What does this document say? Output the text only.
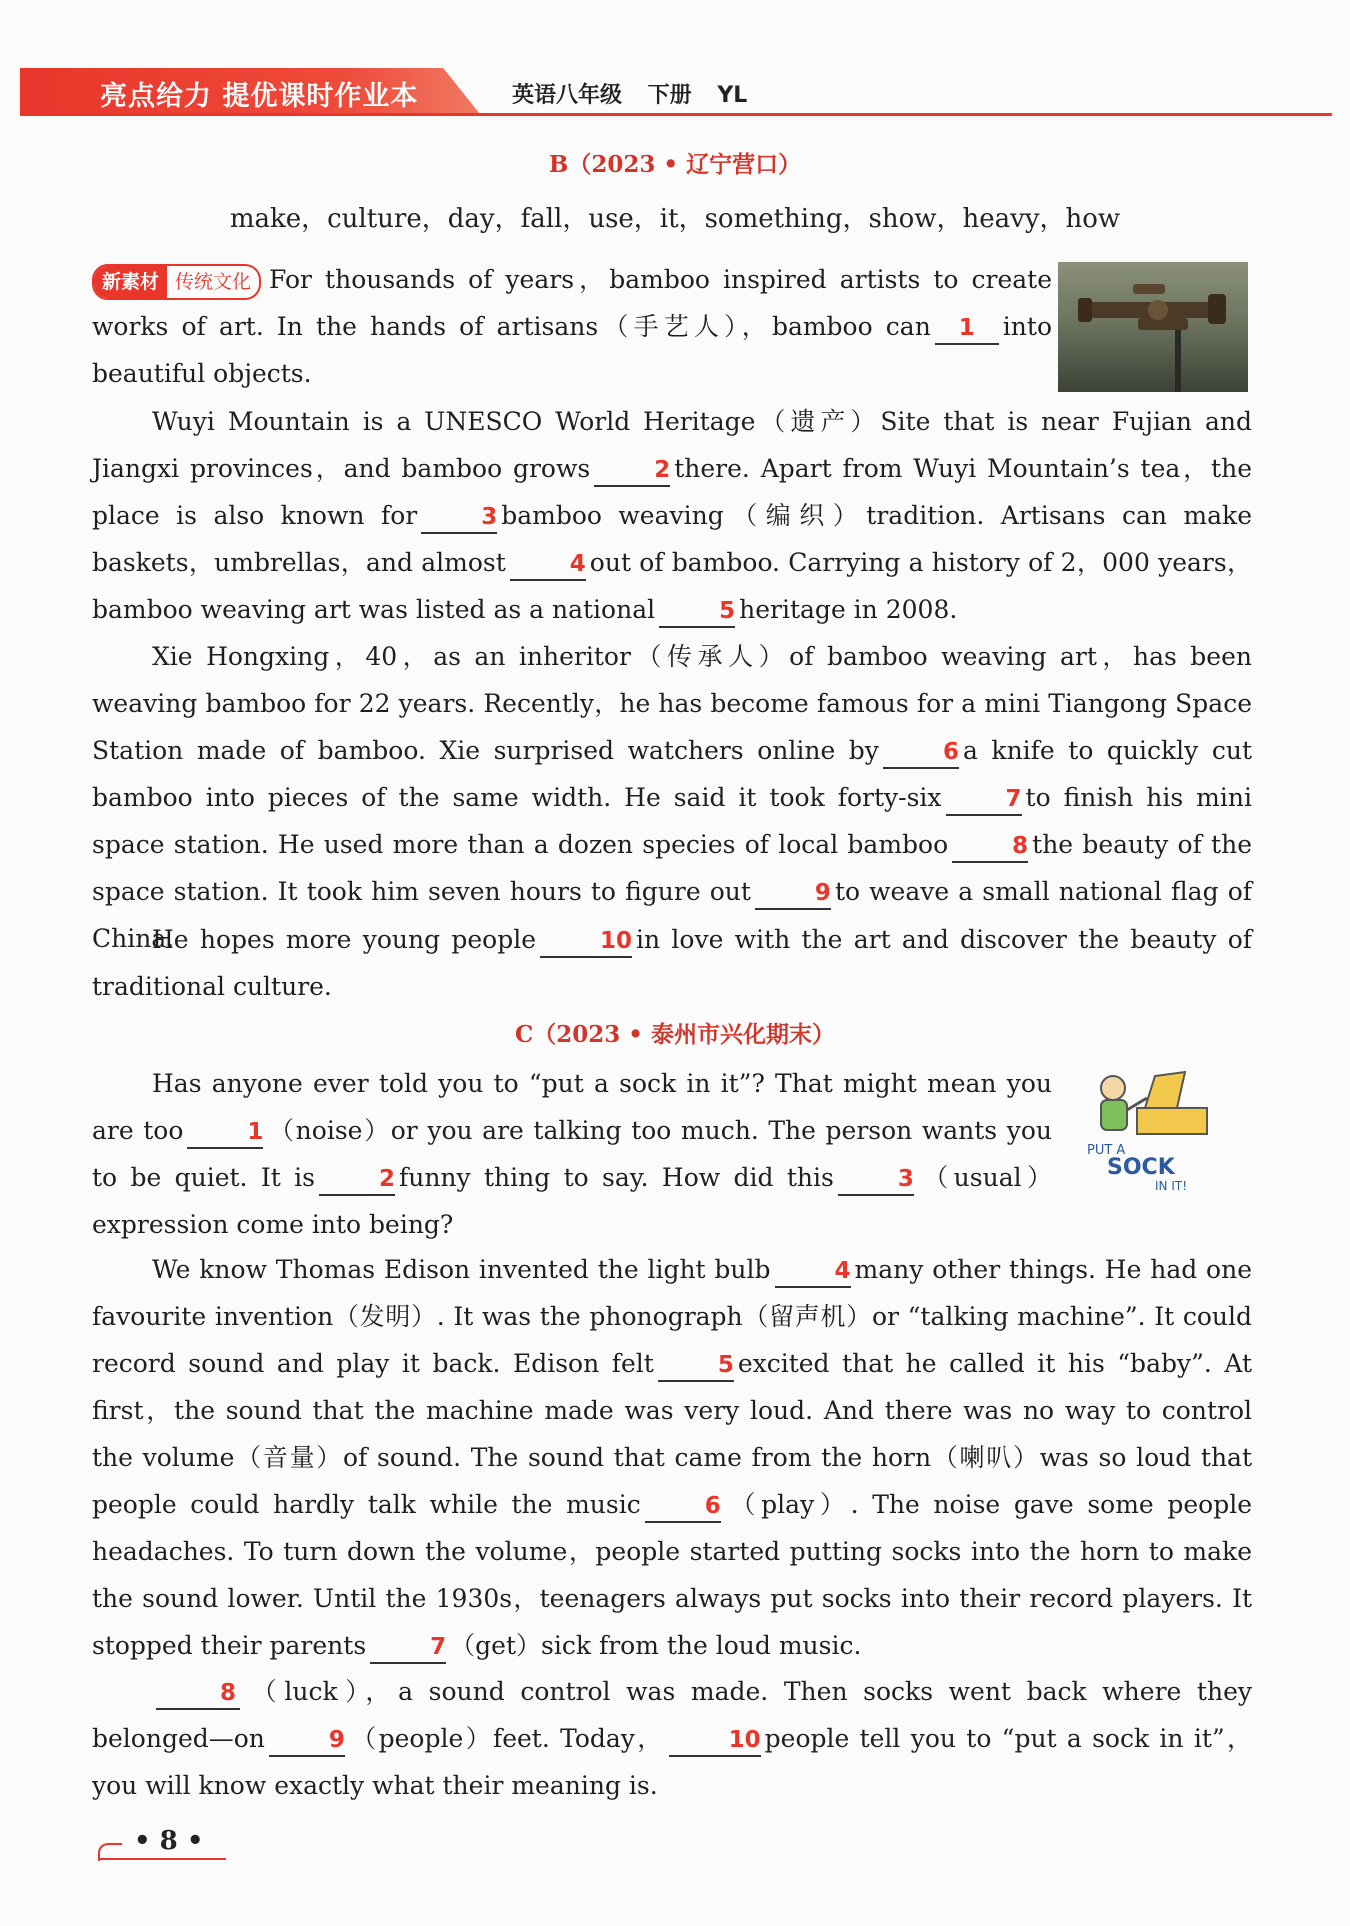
亮点给力 提优课时作业本	英语八年级 下册 YL
B（2023 • 辽宁营口）
make，culture，day，fall，use，it，something，show，heavy，how
新素材 传统文化 For thousands of years，bamboo inspired artists to create works of art. In the hands of artisans（手艺人），bamboo can 1 into beautiful objects.
Wuyi Mountain is a UNESCO World Heritage（遗产）Site that is near Fujian and Jiangxi provinces，and bamboo grows	2 there. Apart from Wuyi Mountain’s tea，the place is also known for	3 bamboo weaving（编织）tradition. Artisans can make baskets，umbrellas，and almost	4 out of bamboo. Carrying a history of 2，000 years，bamboo weaving art was listed as a national	5 heritage in 2008.
Xie Hongxing，40，as an inheritor（传承人）of bamboo weaving art，has been weaving bamboo for 22 years. Recently，he has become famous for a mini Tiangong Space Station made of bamboo. Xie surprised watchers online by	6 a knife to quickly cut bamboo into pieces of the same width. He said it took forty-six	7 to finish his mini space station. He used more than a dozen species of local bamboo	8 the beauty of the space station. It took him seven hours to figure out	9 to weave a small national flag of China.
He hopes more young people	10 in love with the art and discover the beauty of traditional culture.
C（2023 • 泰州市兴化期末）
PUT A
SOCK
IN IT!
Has anyone ever told you to “put a sock in it”? That might mean you are too	1 （noise）or you are talking too much. The person wants you to be quiet. It is	2 funny thing to say. How did this	3 （usual）expression come into being?
We know Thomas Edison invented the light bulb	4 many other things. He had one favourite invention（发明）. It was the phonograph（留声机）or “talking machine”. It could record sound and play it back. Edison felt	5 excited that he called it his “baby”. At first，the sound that the machine made was very loud. And there was no way to control the volume（音量）of sound. The sound that came from the horn（喇叭）was so loud that people could hardly talk while the music	6 （play）. The noise gave some people headaches. To turn down the volume，people started putting socks into the horn to make the sound lower. Until the 1930s，teenagers always put socks into their record players. It stopped their parents	7 （get）sick from the loud music.
8 （luck），a sound control was made. Then socks went back where they belonged—on	9 （people）feet. Today，	10 people tell you to “put a sock in it”，you will know exactly what their meaning is.
• 8 •
